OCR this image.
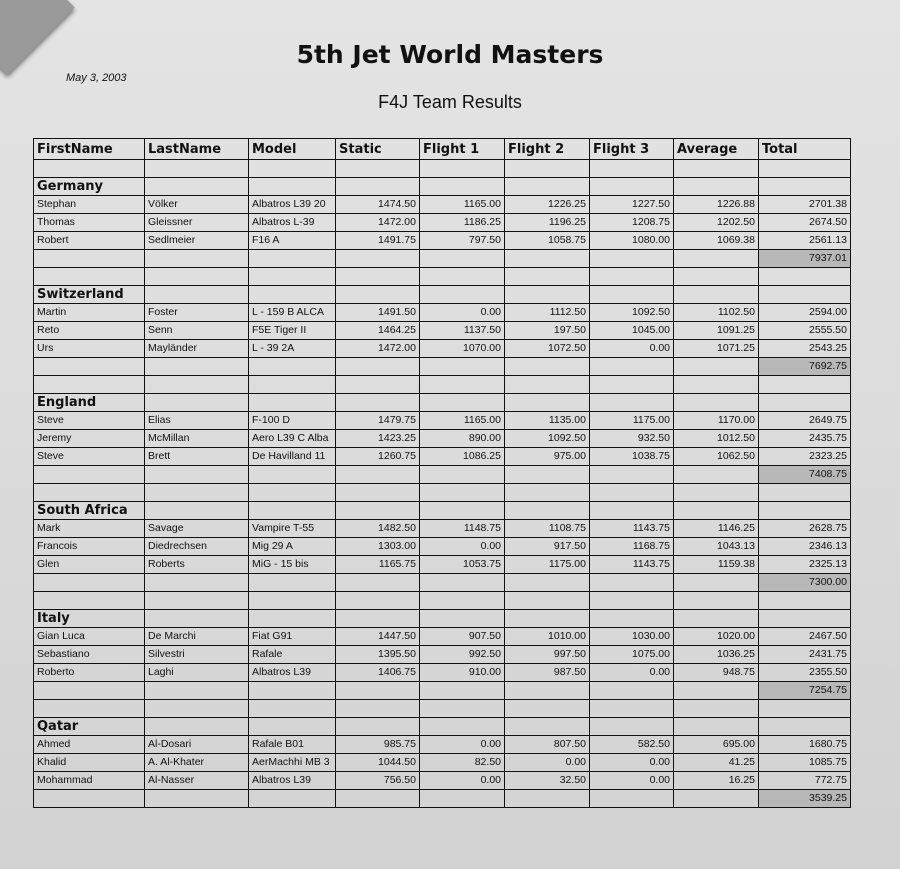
5th Jet World Masters
May 3, 2003
F4J Team Results
FirstName	LastName	Model	Static	Flight 1	Flight 2	Flight 3	Average	Total

Germany								
Stephan	Völker	Albatros L39 20	1474.50	1165.00	1226.25	1227.50	1226.88	2701.38
Thomas	Gleissner	Albatros L-39	1472.00	1186.25	1196.25	1208.75	1202.50	2674.50
Robert	Sedlmeier	F16 A	1491.75	797.50	1058.75	1080.00	1069.38	2561.13
								7937.01

Switzerland								
Martin	Foster	L - 159 B ALCA	1491.50	0.00	1112.50	1092.50	1102.50	2594.00
Reto	Senn	F5E Tiger II	1464.25	1137.50	197.50	1045.00	1091.25	2555.50
Urs	Mayländer	L - 39 2A	1472.00	1070.00	1072.50	0.00	1071.25	2543.25
								7692.75

England								
Steve	Elias	F-100 D	1479.75	1165.00	1135.00	1175.00	1170.00	2649.75
Jeremy	McMillan	Aero L39 C Alba	1423.25	890.00	1092.50	932.50	1012.50	2435.75
Steve	Brett	De Havilland 11	1260.75	1086.25	975.00	1038.75	1062.50	2323.25
								7408.75

South Africa								
Mark	Savage	Vampire T-55	1482.50	1148.75	1108.75	1143.75	1146.25	2628.75
Francois	Diedrechsen	Mig 29 A	1303.00	0.00	917.50	1168.75	1043.13	2346.13
Glen	Roberts	MiG - 15 bis	1165.75	1053.75	1175.00	1143.75	1159.38	2325.13
								7300.00

Italy								
Gian Luca	De Marchi	Fiat G91	1447.50	907.50	1010.00	1030.00	1020.00	2467.50
Sebastiano	Silvestri	Rafale	1395.50	992.50	997.50	1075.00	1036.25	2431.75
Roberto	Laghi	Albatros L39	1406.75	910.00	987.50	0.00	948.75	2355.50
								7254.75

Qatar								
Ahmed	Al-Dosari	Rafale B01	985.75	0.00	807.50	582.50	695.00	1680.75
Khalid	A. Al-Khater	AerMachhi MB 3	1044.50	82.50	0.00	0.00	41.25	1085.75
Mohammad	Al-Nasser	Albatros L39	756.50	0.00	32.50	0.00	16.25	772.75
								3539.25
